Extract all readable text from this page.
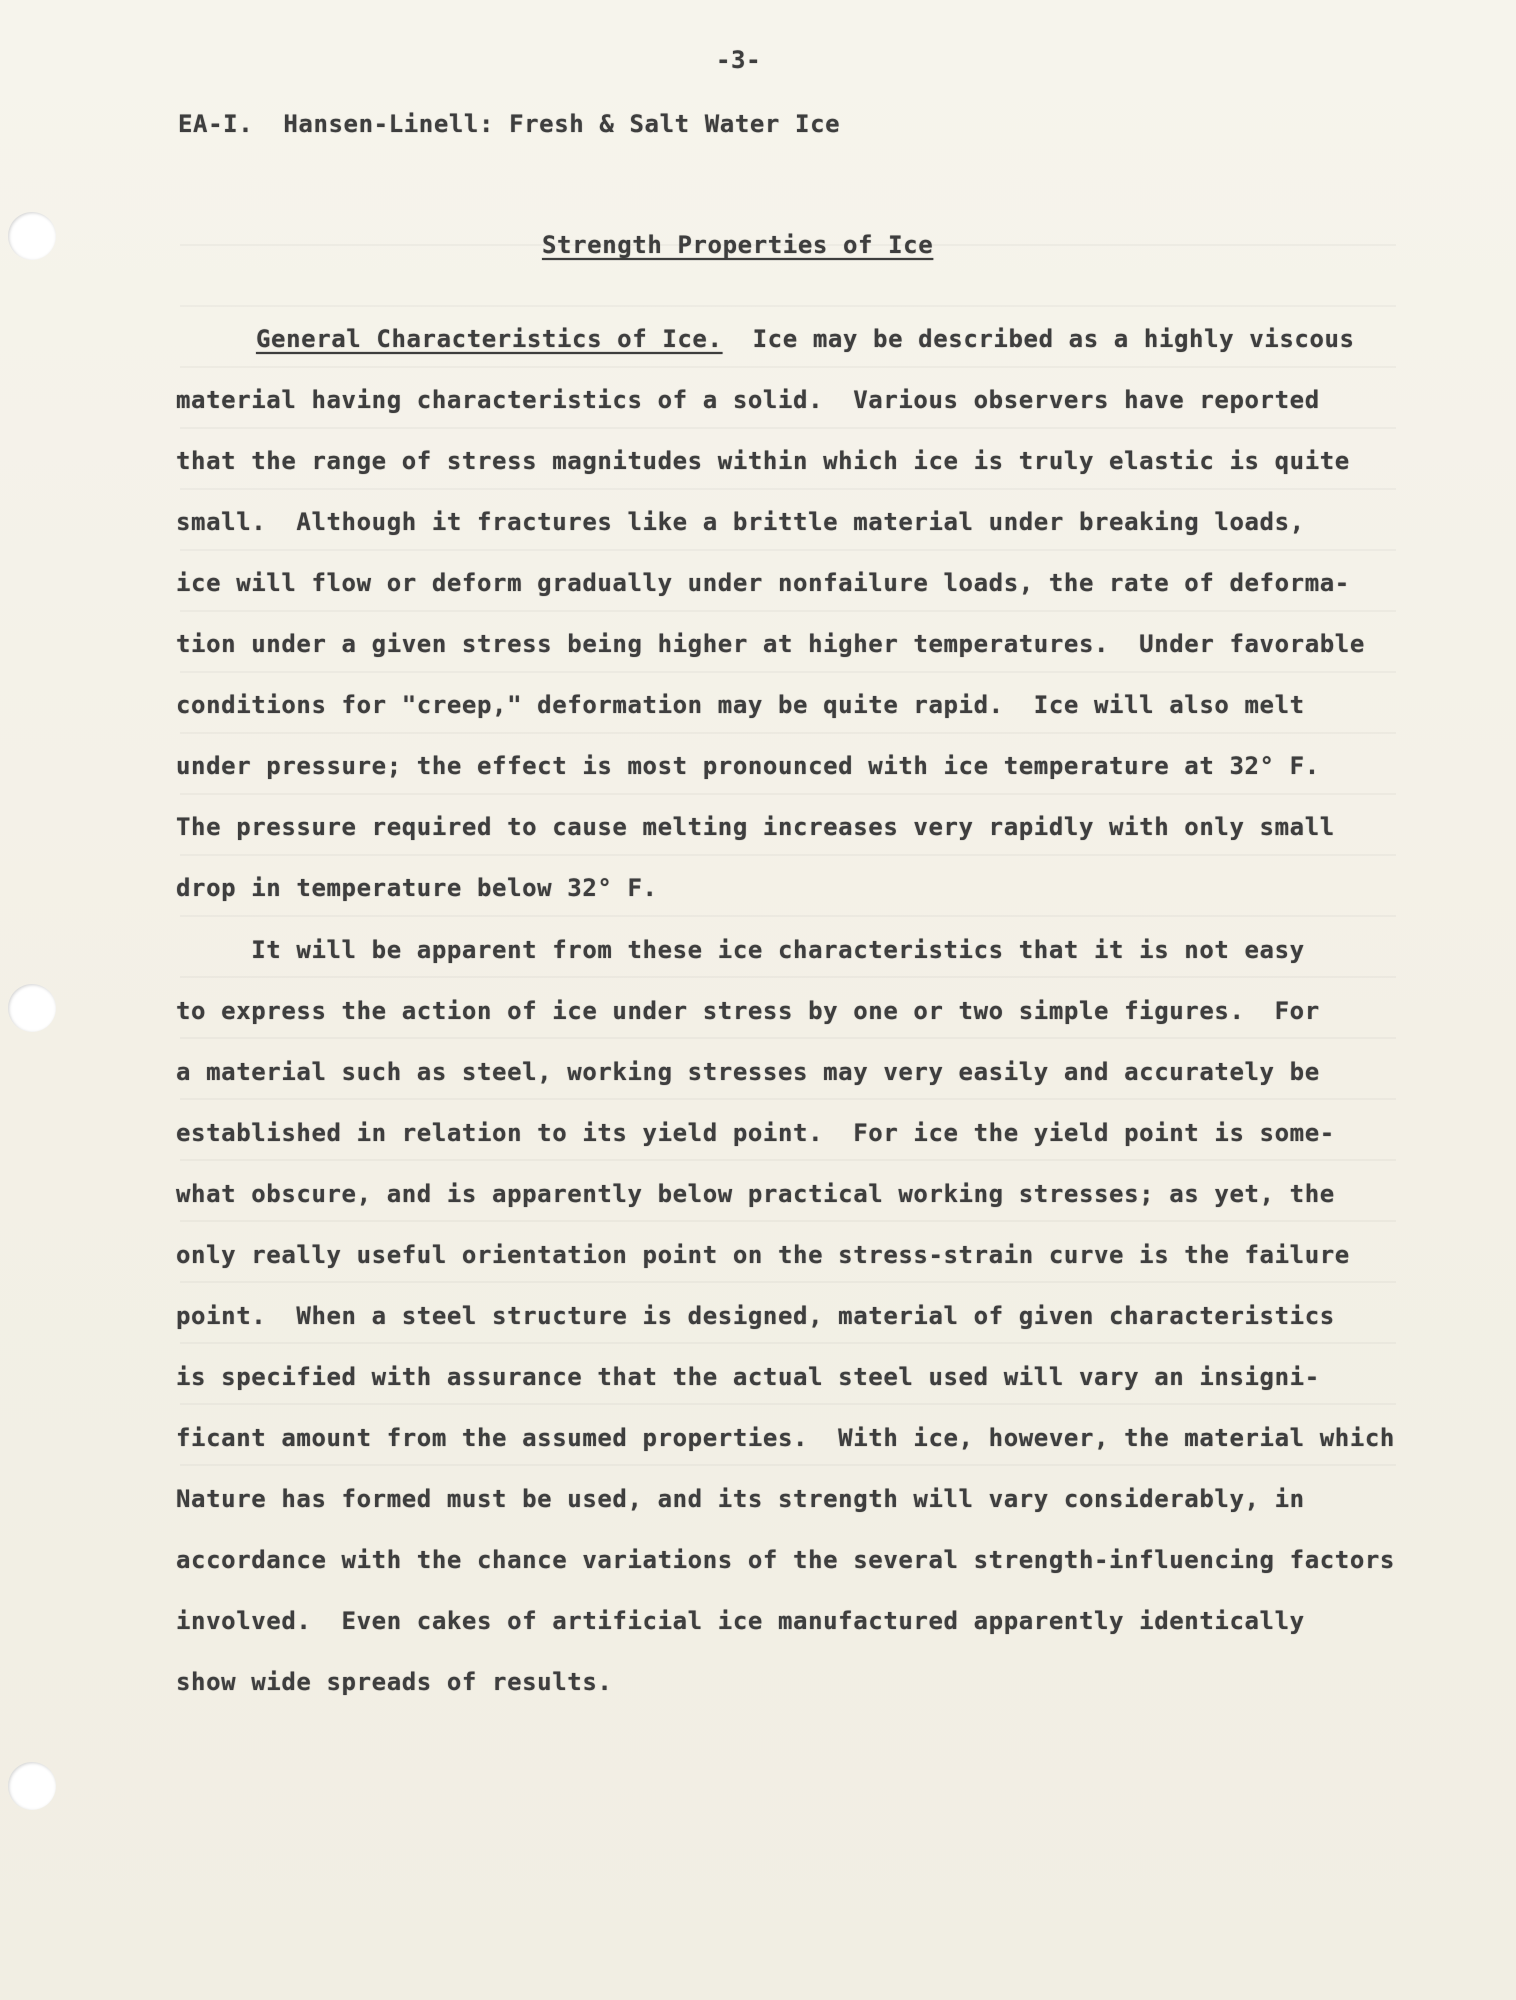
-3-
EA-I.  Hansen-Linell: Fresh & Salt Water Ice
Strength Properties of Ice
General Characteristics of Ice.  Ice may be described as a highly viscous
material having characteristics of a solid.  Various observers have reported
that the range of stress magnitudes within which ice is truly elastic is quite
small.  Although it fractures like a brittle material under breaking loads,
ice will flow or deform gradually under nonfailure loads, the rate of deforma-
tion under a given stress being higher at higher temperatures.  Under favorable
conditions for "creep," deformation may be quite rapid.  Ice will also melt
under pressure; the effect is most pronounced with ice temperature at 32° F.
The pressure required to cause melting increases very rapidly with only small
drop in temperature below 32° F.
It will be apparent from these ice characteristics that it is not easy
to express the action of ice under stress by one or two simple figures.  For
a material such as steel, working stresses may very easily and accurately be
established in relation to its yield point.  For ice the yield point is some-
what obscure, and is apparently below practical working stresses; as yet, the
only really useful orientation point on the stress-strain curve is the failure
point.  When a steel structure is designed, material of given characteristics
is specified with assurance that the actual steel used will vary an insigni-
ficant amount from the assumed properties.  With ice, however, the material which
Nature has formed must be used, and its strength will vary considerably, in
accordance with the chance variations of the several strength-influencing factors
involved.  Even cakes of artificial ice manufactured apparently identically
show wide spreads of results.
